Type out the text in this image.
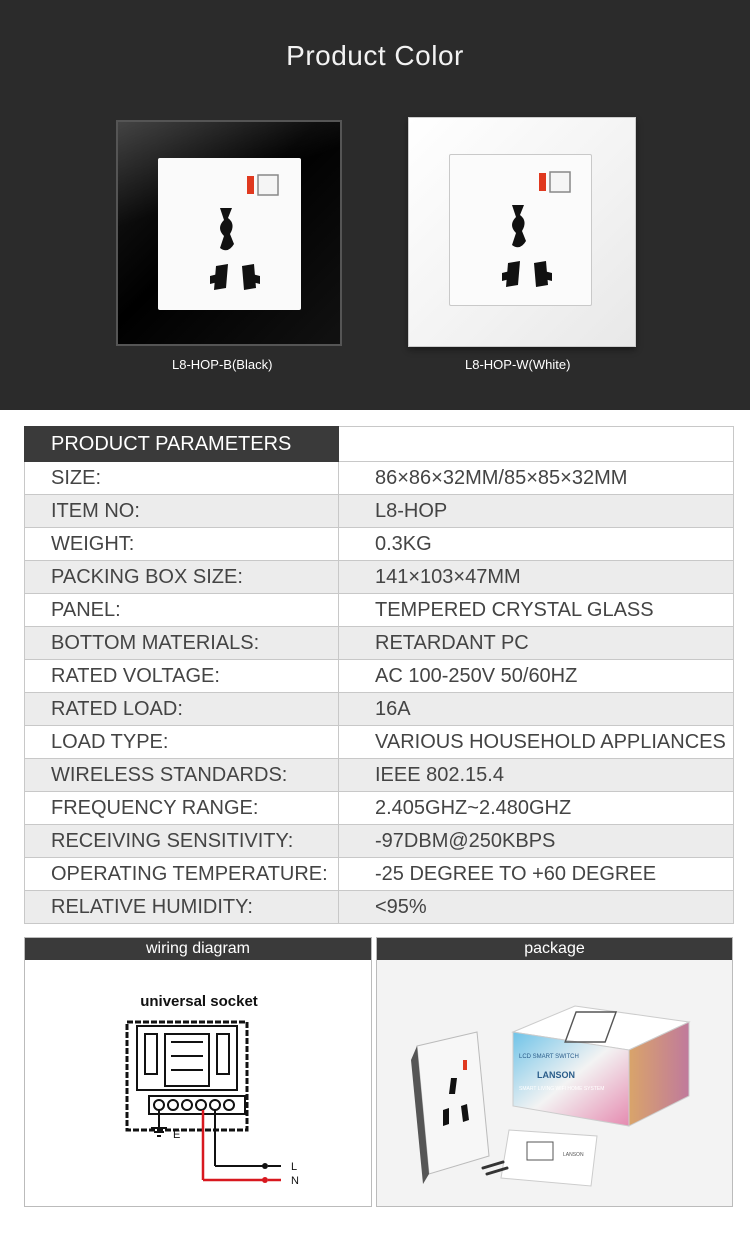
Product Color
L8-HOP-B(Black)	L8-HOP-W(White)
PRODUCT PARAMETERS	
SIZE:	86×86×32MM/85×85×32MM
ITEM NO:	L8-HOP
WEIGHT:	0.3KG
PACKING BOX SIZE:	141×103×47MM
PANEL:	TEMPERED CRYSTAL GLASS
BOTTOM MATERIALS:	RETARDANT PC
RATED VOLTAGE:	AC 100-250V 50/60HZ
RATED LOAD:	16A
LOAD TYPE:	VARIOUS HOUSEHOLD APPLIANCES
WIRELESS STANDARDS:	IEEE 802.15.4
FREQUENCY RANGE:	2.405GHZ~2.480GHZ
RECEIVING SENSITIVITY:	-97DBM@250KBPS
OPERATING TEMPERATURE:	-25 DEGREE TO +60 DEGREE
RELATIVE HUMIDITY:	<95%
wiring diagram
universal socket
E
L
N
package
LANSON
LCD SMART SWITCH
SMART LIVING WIFI HOME SYSTEM
LANSON
